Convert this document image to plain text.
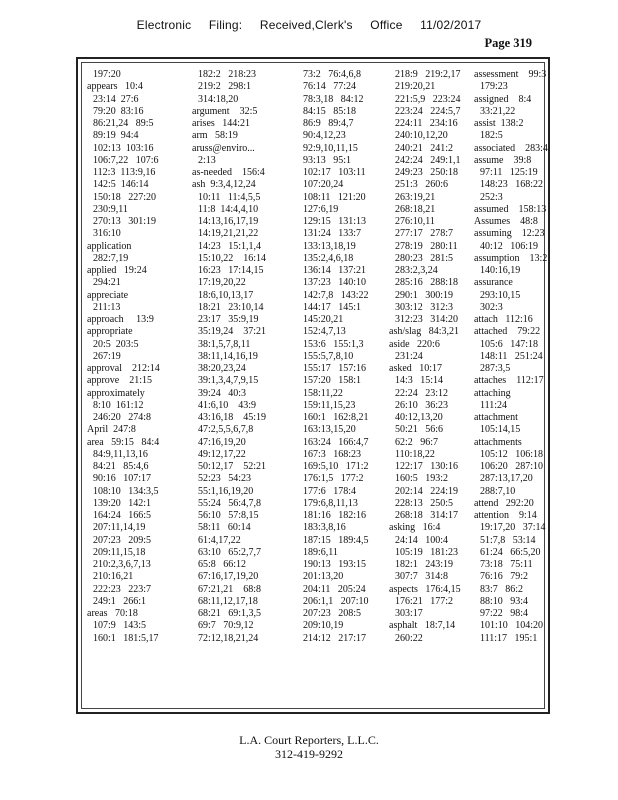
Electronic Filing: Received,Clerk's Office 11/02/2017
Page 319
197:20
appears   10:4
23:14  27:6
79:20  83:16
86:21,24   89:5
89:19  94:4
102:13  103:16
106:7,22   107:6
112:3  113:9,16
142:5  146:14
150:18   227:20
230:9,11
270:13   301:19
316:10
application
282:7,19
applied   19:24
294:21
appreciate
211:13
approach     13:9
appropriate
20:5  203:5
267:19
approval    212:14
approve    21:15
approximately
8:10  161:12
246:20   274:8
April  247:8
area   59:15   84:4
84:9,11,13,16
84:21   85:4,6
90:16   107:17
108:10   134:3,5
139:20   142:1
164:24   166:5
207:11,14,19
207:23   209:5
209:11,15,18
210:2,3,6,7,13
210:16,21
222:23   223:7
249:1   266:1
areas   70:18
107:9   143:5
160:1   181:5,17
182:2   218:23
219:2   298:1
314:18,20
argument    32:5
arises   144:21
arm   58:19
aruss@enviro...
2:13
as-needed    156:4
ash  9:3,4,12,24
10:11   11:4,5,5
11:8  14:4,4,10
14:13,16,17,19
14:19,21,21,22
14:23   15:1,1,4
15:10,22    16:14
16:23   17:14,15
17:19,20,22
18:6,10,13,17
18:21   23:10,14
23:17   35:9,19
35:19,24    37:21
38:1,5,7,8,11
38:11,14,16,19
38:20,23,24
39:1,3,4,7,9,15
39:24   40:3
41:6,10    43:9
43:16,18    45:19
47:2,5,5,6,7,8
47:16,19,20
49:12,17,22
50:12,17    52:21
52:23   54:23
55:1,16,19,20
55:24   56:4,7,8
56:10   57:8,15
58:11   60:14
61:4,17,22
63:10   65:2,7,7
65:8   66:12
67:16,17,19,20
67:21,21    68:8
68:11,12,17,18
68:21   69:1,3,5
69:7   70:9,12
72:12,18,21,24
73:2   76:4,6,8
76:14   77:24
78:3,18   84:12
84:15   85:18
86:9   89:4,7
90:4,12,23
92:9,10,11,15
93:13   95:1
102:17   103:11
107:20,24
108:11   121:20
127:6,19
129:15   131:13
131:24   133:7
133:13,18,19
135:2,4,6,18
136:14   137:21
137:23   140:10
142:7,8   143:22
144:17   145:1
145:20,21
152:4,7,13
153:6   155:1,3
155:5,7,8,10
155:17   157:16
157:20   158:1
158:11,22
159:11,15,23
160:1   162:8,21
163:13,15,20
163:24   166:4,7
167:3   168:23
169:5,10   171:2
176:1,5   177:2
177:6   178:4
179:6,8,11,13
181:16   182:16
183:3,8,16
187:15   189:4,5
189:6,11
190:13   193:15
201:13,20
204:11   205:24
206:1,1   207:10
207:23   208:5
209:10,19
214:12   217:17
218:9   219:2,17
219:20,21
221:5,9   223:24
223:24   224:5,7
224:11   234:16
240:10,12,20
240:21   241:2
242:24   249:1,1
249:23   250:18
251:3   260:6
263:19,21
268:18,21
276:10,11
277:17   278:7
278:19   280:11
280:23   281:5
283:2,3,24
285:16   288:18
290:1   300:19
303:12   312:3
312:23   314:20
ash/slag   84:3,21
aside   220:6
231:24
asked   10:17
14:3   15:14
22:24   23:12
26:10   36:23
40:12,13,20
50:21   56:6
62:2   96:7
110:18,22
122:17   130:16
160:5   193:2
202:14   224:19
228:13   250:5
268:18   314:17
asking   16:4
24:14   100:4
105:19   181:23
182:1   243:19
307:7   314:8
aspects   176:4,15
176:21   177:2
303:17
asphalt   18:7,14
260:22
assessment    99:3
179:23
assigned    8:4
33:21,22
assist  138:2
182:5
associated    283:4
assume    39:8
97:11   125:19
148:23   168:22
252:3
assumed    158:13
Assumes    48:8
assuming    12:23
40:12   106:19
assumption    13:2
140:16,19
assurance
293:10,15
302:3
attach   112:16
attached    79:22
105:6   147:18
148:11   251:24
287:3,5
attaches    112:17
attaching
111:24
attachment
105:14,15
attachments
105:12   106:18
106:20   287:10
287:13,17,20
288:7,10
attend   292:20
attention    9:14
19:17,20   37:14
51:7,8   53:14
61:24   66:5,20
73:18   75:11
76:16   79:2
83:7   86:2
88:10   93:4
97:22   98:4
101:10   104:20
111:17   195:1
L.A. Court Reporters, L.L.C.
312-419-9292
